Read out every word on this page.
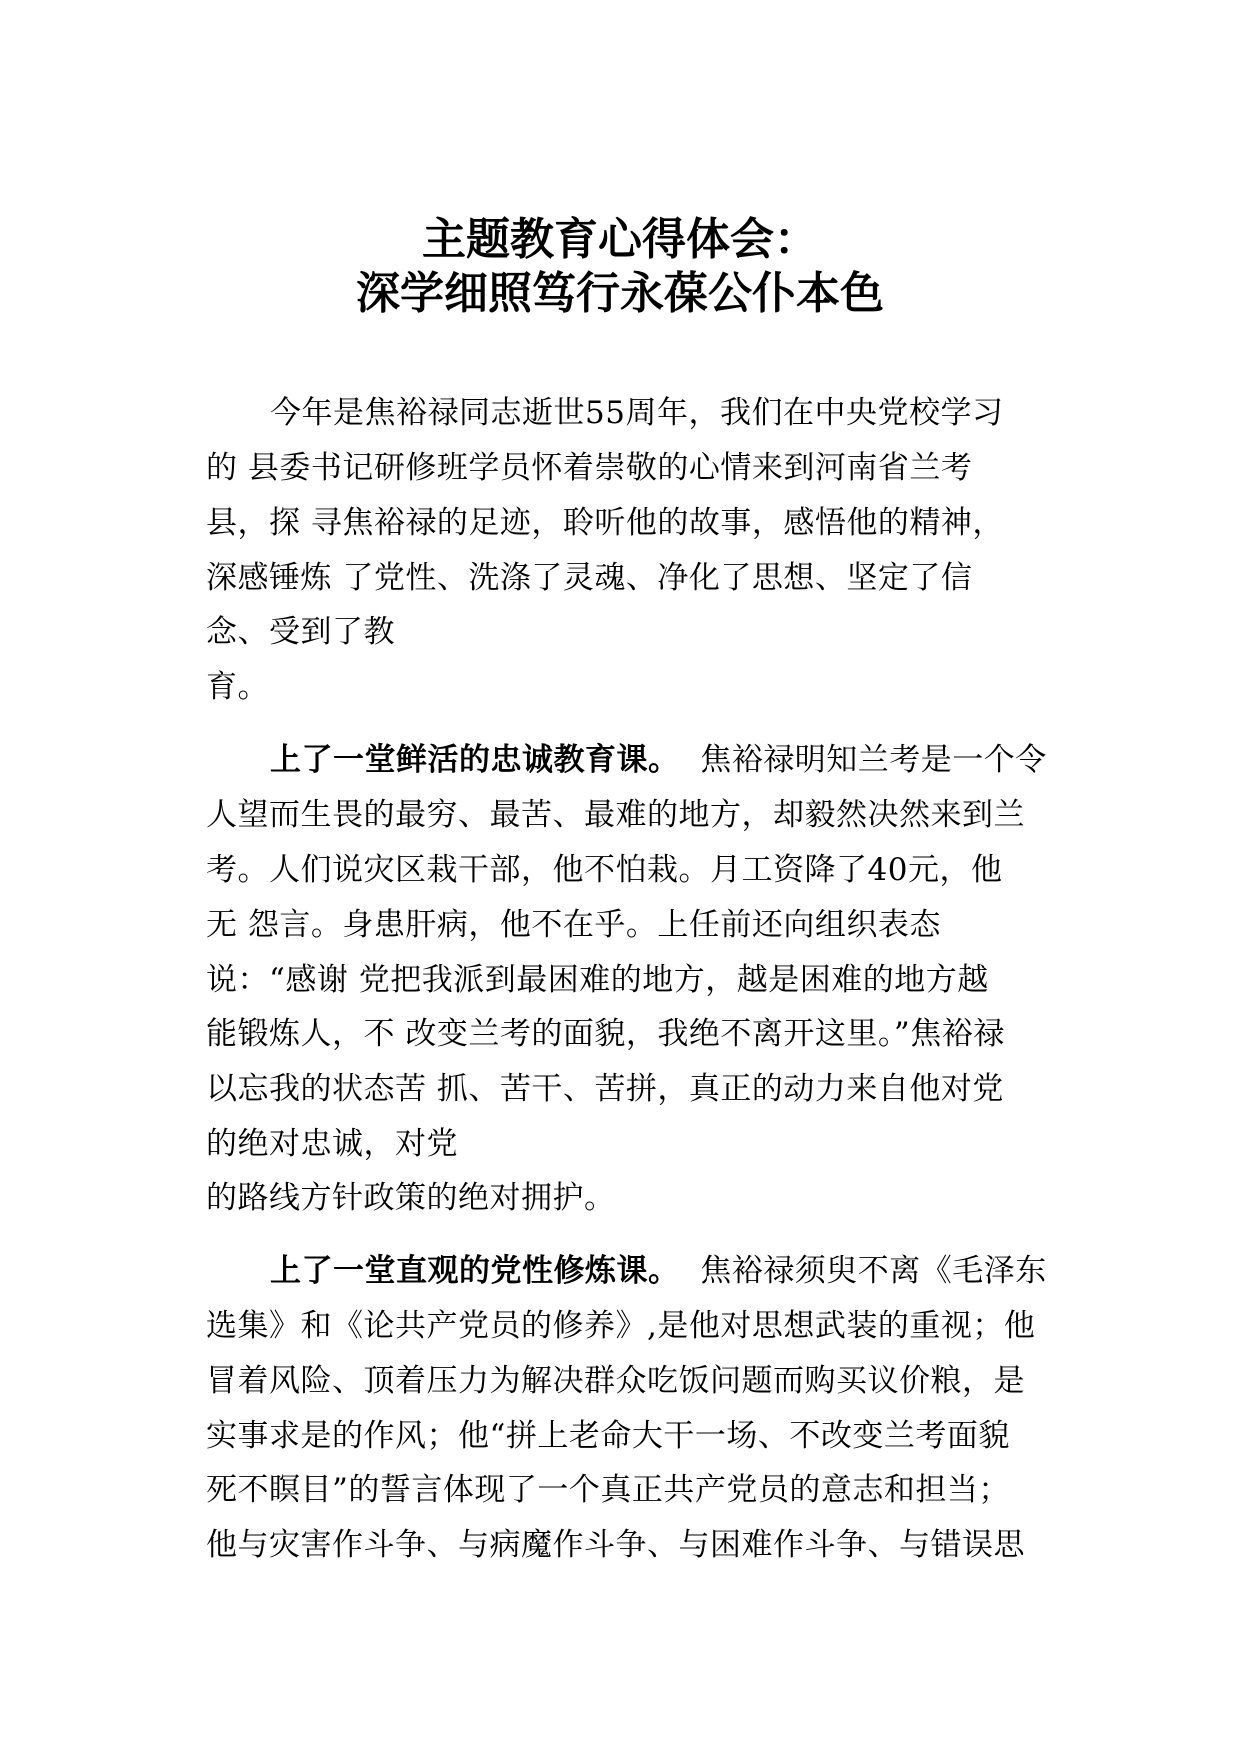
主题教育心得体会：
深学细照笃行永葆公仆本色
今年是焦裕禄同志逝世55周年，我们在中央党校学习
的 县委书记研修班学员怀着崇敬的心情来到河南省兰考
县，探 寻焦裕禄的足迹，聆听他的故事，感悟他的精神，
深感锤炼 了党性、洗涤了灵魂、净化了思想、坚定了信
念、受到了教
育。
上了一堂鲜活的忠诚教育课。 焦裕禄明知兰考是一个令
人望而生畏的最穷、最苦、最难的地方，却毅然决然来到兰
考。人们说灾区栽干部，他不怕栽。月工资降了40元，他
无 怨言。身患肝病，他不在乎。上任前还向组织表态
说：“感谢 党把我派到最困难的地方，越是困难的地方越
能锻炼人，不 改变兰考的面貌，我绝不离开这里。”焦裕禄
以忘我的状态苦 抓、苦干、苦拼，真正的动力来自他对党
的绝对忠诚，对党
的路线方针政策的绝对拥护。
上了一堂直观的党性修炼课。 焦裕禄须臾不离《毛泽东
选集》和《论共产党员的修养》,是他对思想武装的重视；他
冒着风险、顶着压力为解决群众吃饭问题而购买议价粮，是
实事求是的作风；他“拼上老命大干一场、不改变兰考面貌
死不瞑目”的誓言体现了一个真正共产党员的意志和担当；
他与灾害作斗争、与病魔作斗争、与困难作斗争、与错误思
